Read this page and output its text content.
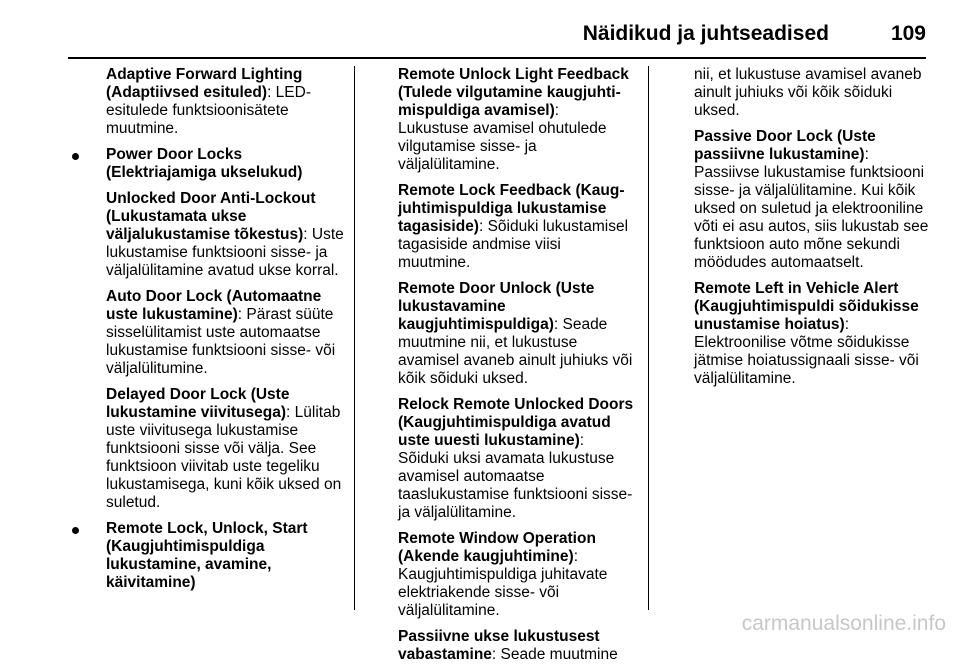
Näidikud ja juhtseadised	109
Adaptive Forward Lighting (Adaptiivsed esituled): LED-esitulede funktsioonisätete muutmine.
Power Door Locks (Elektriajamiga ukselukud)
Unlocked Door Anti-Lockout (Lukustamata ukse väljalukustamise tõkestus): Uste lukustamise funktsiooni sisse- ja väljalülitamine avatud ukse korral.
Auto Door Lock (Automaatne uste lukustamine): Pärast süüte sisselülitamist uste automaatse lukustamise funktsiooni sisse- või väljalülitumine.
Delayed Door Lock (Uste lukustamine viivitusega): Lülitab uste viivitusega lukustamise funktsiooni sisse või välja. See funktsioon viivitab uste tegeliku lukustamisega, kuni kõik uksed on suletud.
Remote Lock, Unlock, Start (Kaugjuhtimispuldiga lukustamine, avamine, käivitamine)
Remote Unlock Light Feedback (Tulede vilgutamine kaugjuhtimispuldiga avamisel): Lukustuse avamisel ohutulede vilgutamise sisse- ja väljalülitamine.
Remote Lock Feedback (Kaugjuhtimispuldiga lukustamise tagasiside): Sõiduki lukustamisel tagasiside andmise viisi muutmine.
Remote Door Unlock (Uste lukustavamine kaugjuhtimispuldiga): Seade muutmine nii, et lukustuse avamisel avaneb ainult juhiuks või kõik sõiduki uksed.
Relock Remote Unlocked Doors (Kaugjuhtimispuldiga avatud uste uuesti lukustamine): Sõiduki uksi avamata lukustuse avamisel automaatse taaslukustamise funktsiooni sisse- ja väljalülitamine.
Remote Window Operation (Akende kaugjuhtimine): Kaugjuhtimispuldiga juhitavate elektriakende sisse- või väljalülitamine.
Passiivne ukse lukustusest vabastamine: Seade muutmine
nii, et lukustuse avamisel avaneb ainult juhiuks või kõik sõiduki uksed.
Passive Door Lock (Uste passiivne lukustamine): Passiivse lukustamise funktsiooni sisse- ja väljalülitamine. Kui kõik uksed on suletud ja elektrooniline võti ei asu autos, siis lukustab see funktsioon auto mõne sekundi möödudes automaatselt.
Remote Left in Vehicle Alert (Kaugjuhtimispuldi sõidukisse unustamise hoiatus): Elektroonilise võtme sõidukisse jätmise hoiatussignaali sisse- või väljalülitamine.
carmanualsonline.info
